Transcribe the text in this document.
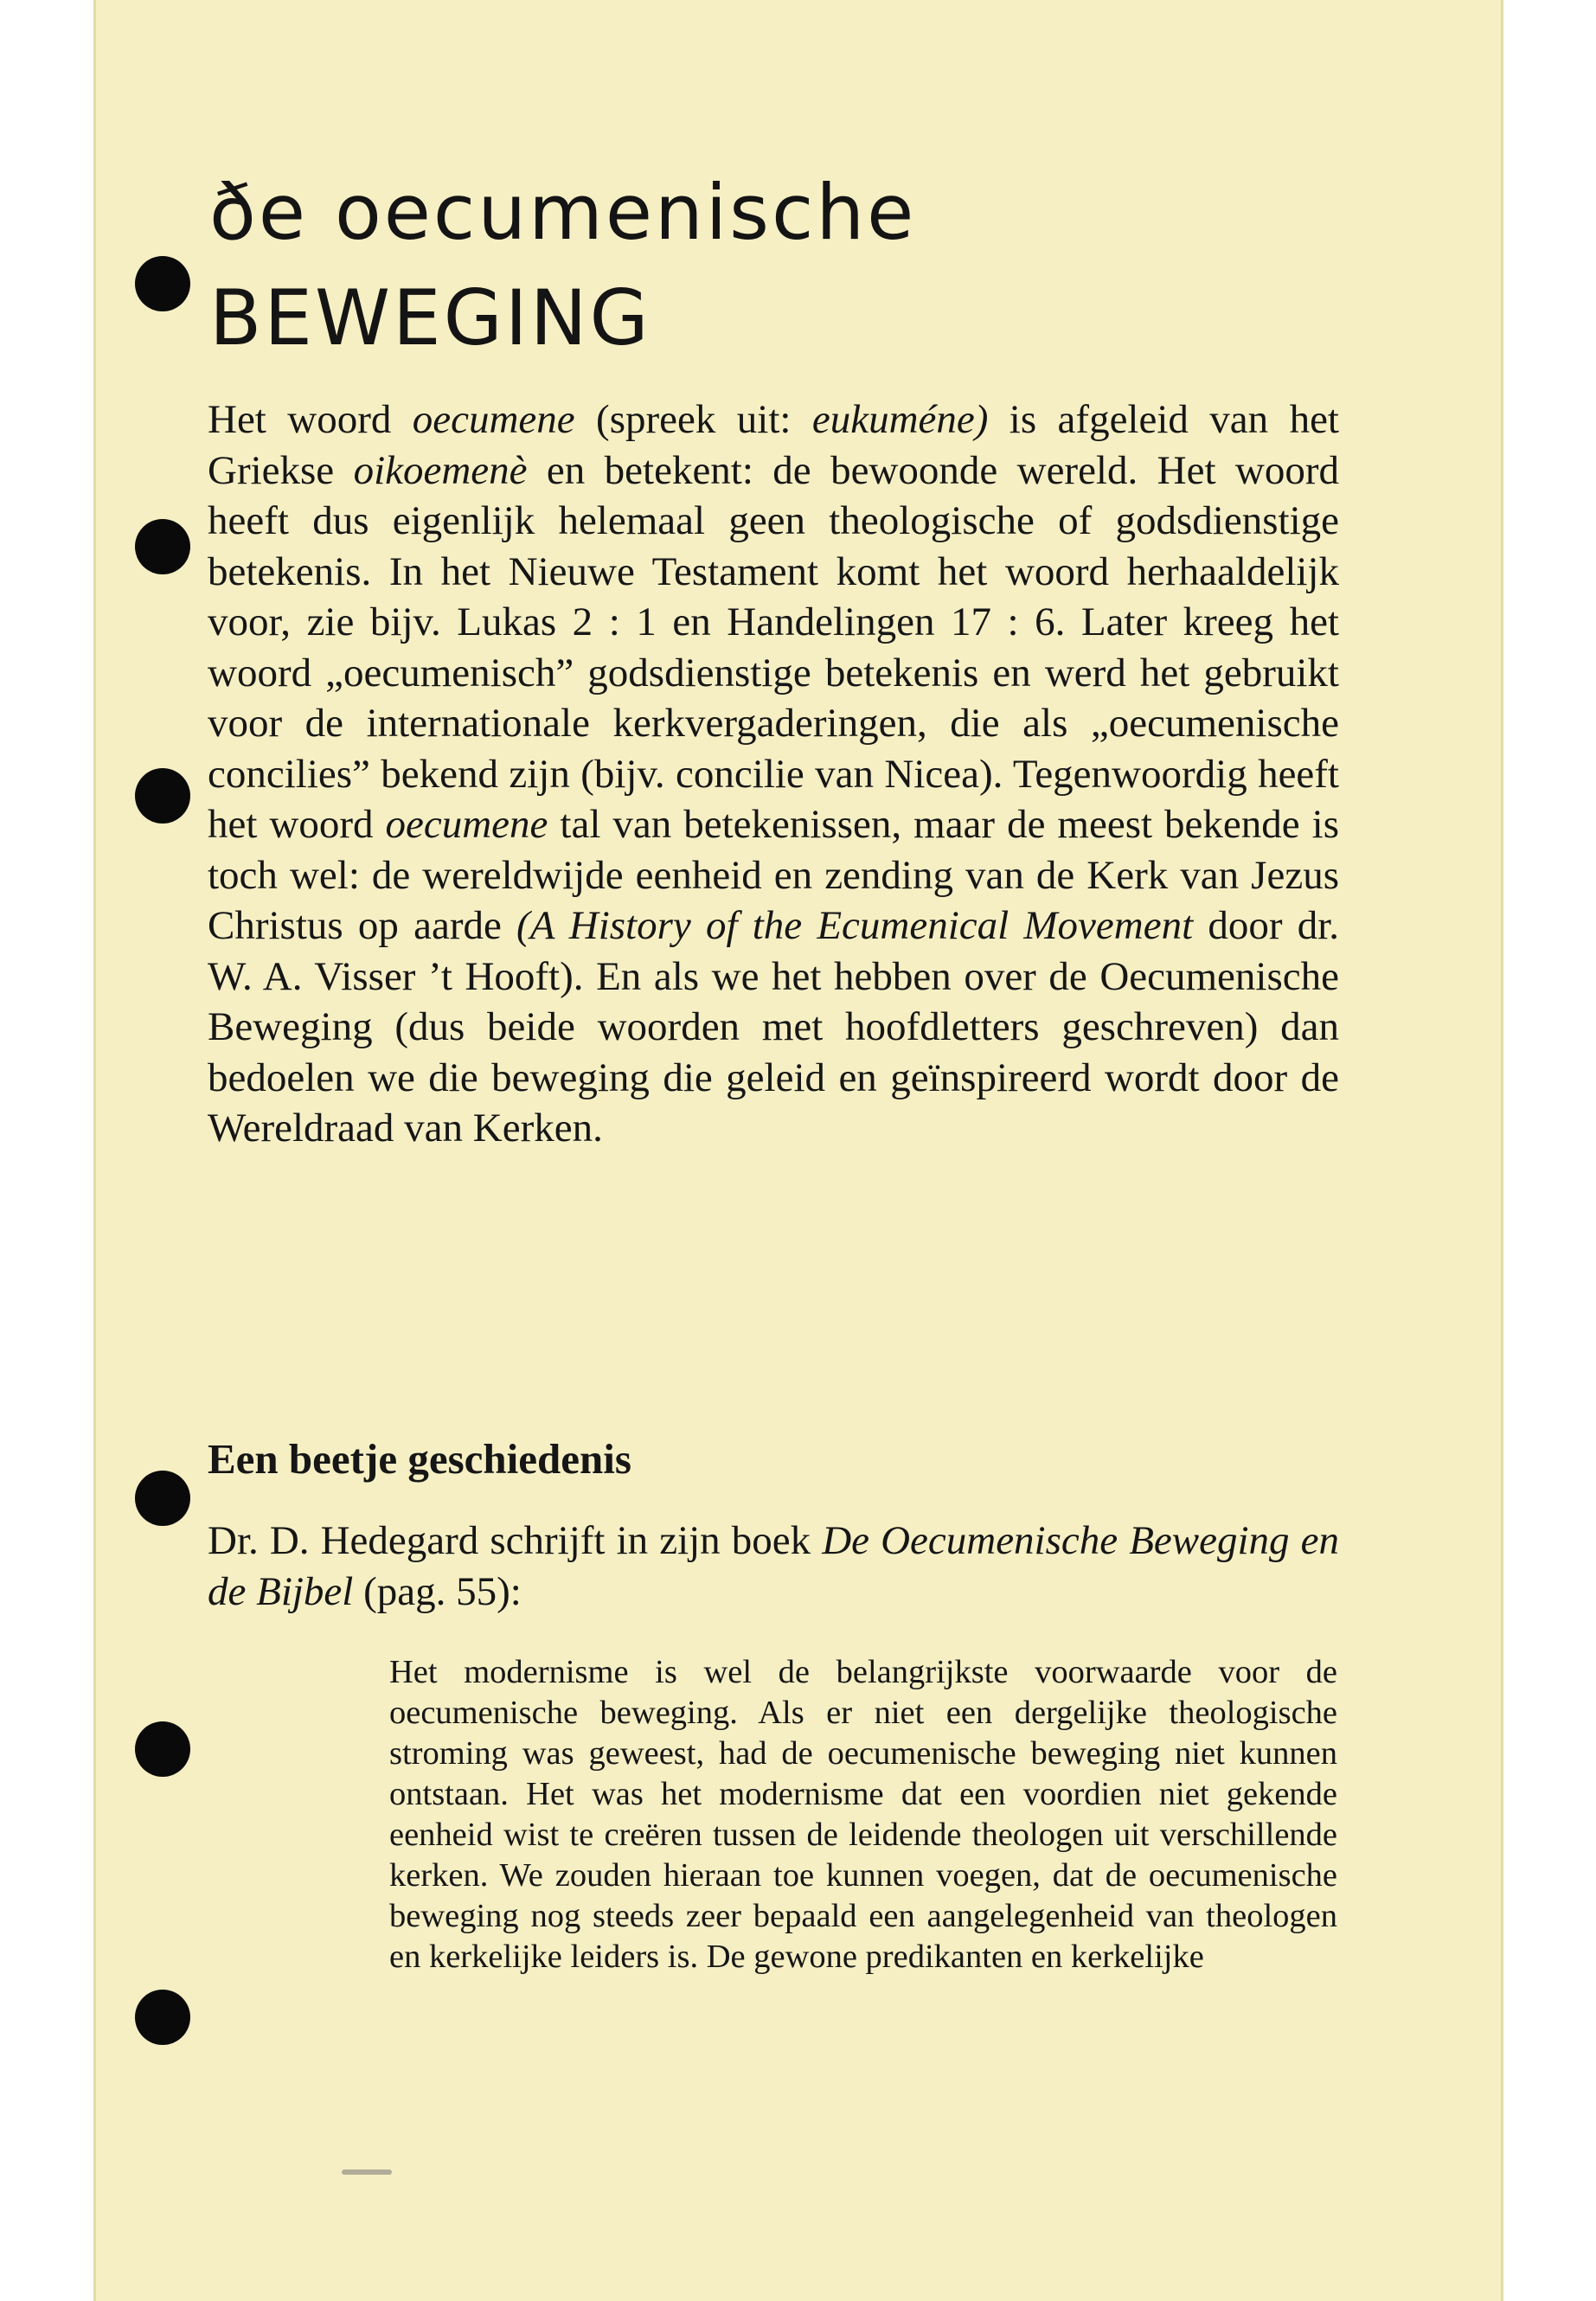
ðe oecumenische
BEWEGING

Het woord oecumene (spreek uit: eukuméne) is afgeleid van het Griekse oikoemenè en betekent: de bewoonde wereld. Het woord heeft dus eigenlijk helemaal geen theologische of godsdienstige betekenis. In het Nieuwe Testament komt het woord herhaaldelijk voor, zie bijv. Lukas 2 : 1 en Handelingen 17 : 6. Later kreeg het woord „oecumenisch” godsdienstige betekenis en werd het gebruikt voor de internationale kerkvergaderingen, die als „oecumenische concilies” bekend zijn (bijv. concilie van Nicea). Tegenwoordig heeft het woord oecumene tal van betekenissen, maar de meest bekende is toch wel: de wereldwijde eenheid en zending van de Kerk van Jezus Christus op aarde (A History of the Ecumenical Movement door dr. W. A. Visser ’t Hooft). En als we het hebben over de Oecumenische Beweging (dus beide woorden met hoofdletters geschreven) dan bedoelen we die beweging die geleid en geïnspireerd wordt door de Wereldraad van Kerken.

Een beetje geschiedenis

Dr. D. Hedegard schrijft in zijn boek De Oecumenische Beweging en de Bijbel (pag. 55):

Het modernisme is wel de belangrijkste voorwaarde voor de oecumenische beweging. Als er niet een dergelijke theologische stroming was geweest, had de oecumenische beweging niet kunnen ontstaan. Het was het modernisme dat een voordien niet gekende eenheid wist te creëren tussen de leidende theologen uit verschillende kerken. We zouden hieraan toe kunnen voegen, dat de oecumenische beweging nog steeds zeer bepaald een aangelegenheid van theologen en kerkelijke leiders is. De gewone predikanten en kerkelijke
